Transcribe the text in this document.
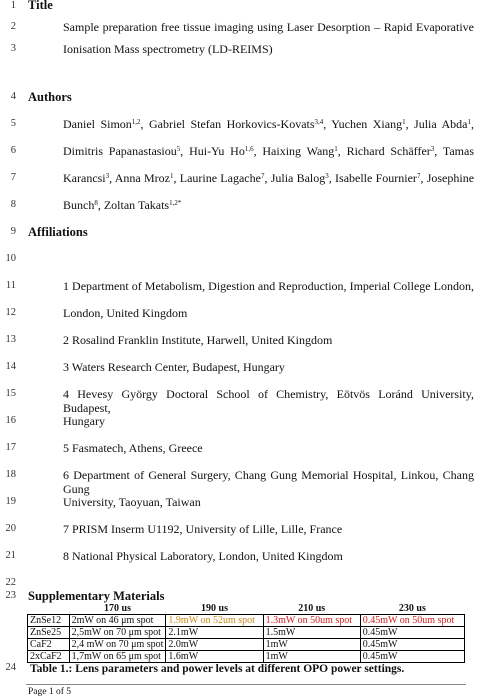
1
2
3
4
5
6
7
8
9
10
11
12
13
14
15
16
17
18
19
20
21
22
23
24
Title
Sample preparation free tissue imaging using Laser Desorption – Rapid Evaporative
Ionisation Mass spectrometry (LD-REIMS)
Authors
Daniel Simon$^{1,2}$, Gabriel Stefan Horkovics-Kovats$^{3,4}$, Yuchen Xiang$^1$, Julia Abda$^1$,
Dimitris Papanastasiou$^5$, Hui-Yu Ho$^{1,6}$, Haixing Wang$^1$, Richard Schäffer$^3$, Tamas
Karancsi$^3$, Anna Mroz$^1$, Laurine Lagache$^7$, Julia Balog$^3$, Isabelle Fournier$^7$, Josephine
Bunch$^8$, Zoltan Takats$^{1,2*}$
Affiliations
1 Department of Metabolism, Digestion and Reproduction, Imperial College London,
London, United Kingdom
2 Rosalind Franklin Institute, Harwell, United Kingdom
3 Waters Research Center, Budapest, Hungary
4 Hevesy György Doctoral School of Chemistry, Eötvös Loránd University, Budapest,
Hungary
5 Fasmatech, Athens, Greece
6 Department of General Surgery, Chang Gung Memorial Hospital, Linkou, Chang Gung
University, Taoyuan, Taiwan
7 PRISM Inserm U1192, University of Lille, Lille, France
8 National Physical Laboratory, London, United Kingdom
Supplementary Materials
	170 us	190 us	210 us	230 us
ZnSe12	2mW on 46 μm spot	1.9mW on 52um spot	1.3mW on 50um spot	0.45mW on 50um spot
ZnSe25	2,5mW on 70 μm spot	2.1mW	1.5mW	0.45mW
CaF2	2,4 mW on 70 μm spot	2.0mW	1mW	0.45mW
2xCaF2	1,7mW on 65 μm spot	1.6mW	1mW	0.45mW
Table 1.: Lens parameters and power levels at different OPO power settings.
Page 1 of 5
